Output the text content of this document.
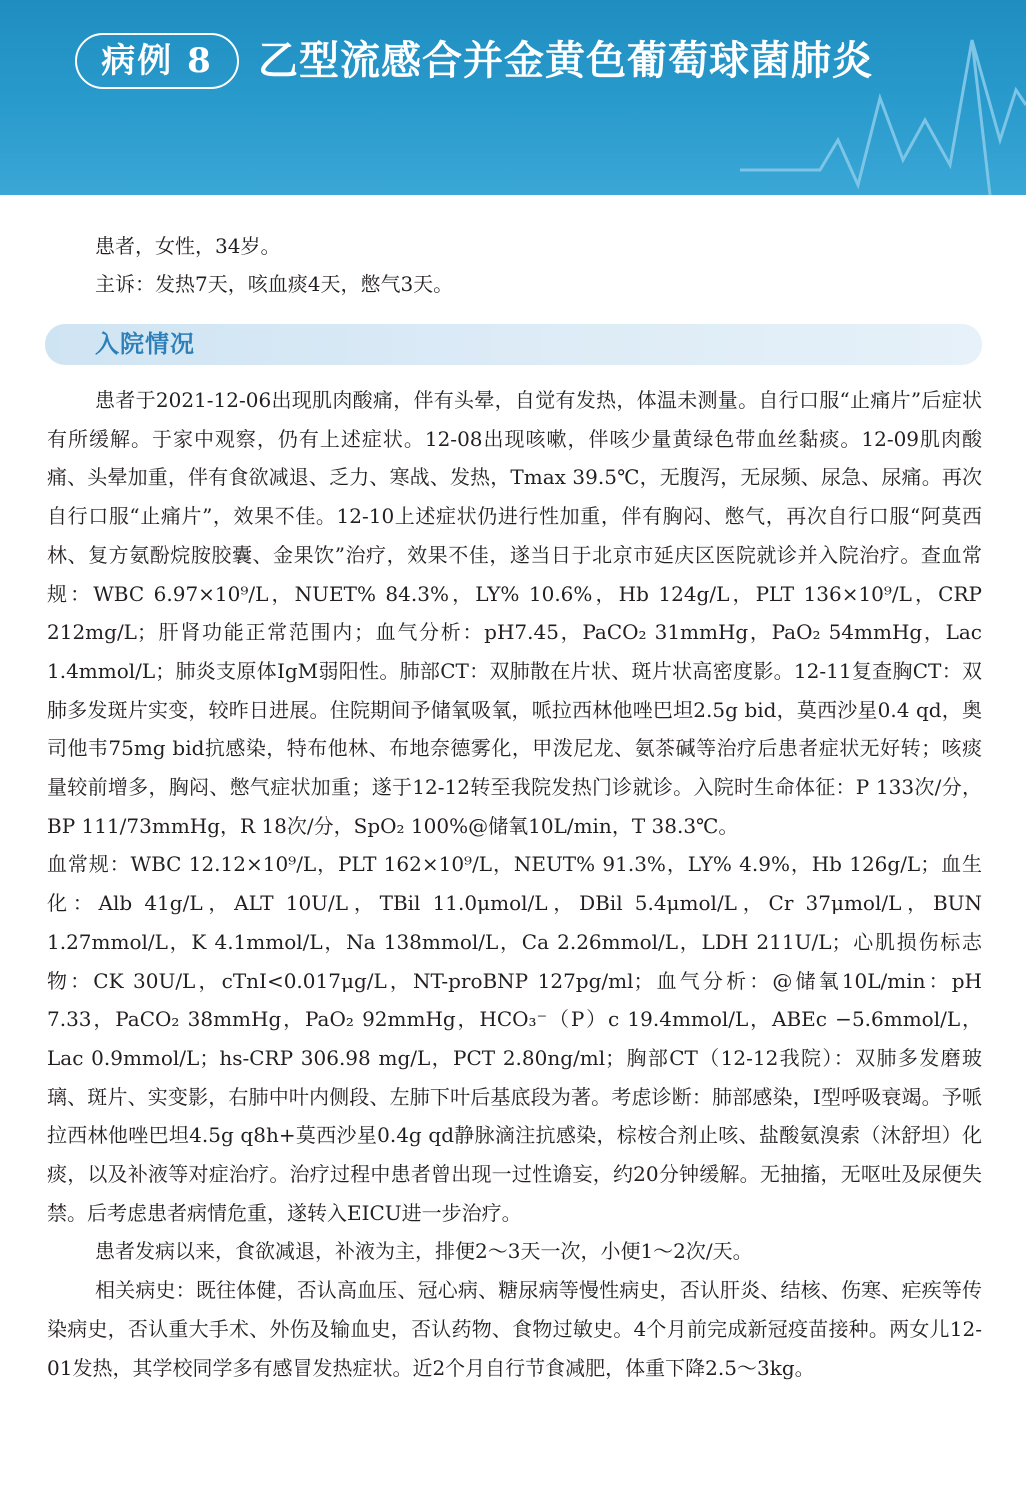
病例 8	乙型流感合并金黄色葡萄球菌肺炎
患者，女性，34岁。
主诉：发热7天，咳血痰4天，憋气3天。
入院情况

患者于2021-12-06出现肌肉酸痛，伴有头晕，自觉有发热，体温未测量。自行口服“止痛片”后症状有所缓解。于家中观察，仍有上述症状。12-08出现咳嗽，伴咳少量黄绿色带血丝黏痰。12-09肌肉酸痛、头晕加重，伴有食欲减退、乏力、寒战、发热，Tmax 39.5℃，无腹泻，无尿频、尿急、尿痛。再次自行口服“止痛片”，效果不佳。12-10上述症状仍进行性加重，伴有胸闷、憋气，再次自行口服“阿莫西林、复方氨酚烷胺胶囊、金果饮”治疗，效果不佳，遂当日于北京市延庆区医院就诊并入院治疗。查血常规：WBC 6.97×10⁹/L，NUET% 84.3%，LY% 10.6%，Hb 124g/L，PLT 136×10⁹/L，CRP 212mg/L；肝肾功能正常范围内；血气分析：pH7.45，PaCO₂ 31mmHg，PaO₂ 54mmHg，Lac 1.4mmol/L；肺炎支原体IgM弱阳性。肺部CT：双肺散在片状、斑片状高密度影。12-11复查胸CT：双肺多发斑片实变，较昨日进展。住院期间予储氧吸氧，哌拉西林他唑巴坦2.5g bid，莫西沙星0.4 qd，奥司他韦75mg bid抗感染，特布他林、布地奈德雾化，甲泼尼龙、氨茶碱等治疗后患者症状无好转；咳痰量较前增多，胸闷、憋气症状加重；遂于12-12转至我院发热门诊就诊。入院时生命体征：P 133次/分，BP 111/73mmHg，R 18次/分，SpO₂ 100%@储氧10L/min，T 38.3℃。

血常规：WBC 12.12×10⁹/L，PLT 162×10⁹/L，NEUT% 91.3%，LY% 4.9%，Hb 126g/L；血生化：Alb 41g/L，ALT 10U/L，TBil 11.0μmol/L，DBil 5.4μmol/L，Cr 37μmol/L，BUN 1.27mmol/L，K 4.1mmol/L，Na 138mmol/L，Ca 2.26mmol/L，LDH 211U/L；心肌损伤标志物：CK 30U/L，cTnI<0.017μg/L，NT-proBNP 127pg/ml；血气分析：@储氧10L/min：pH 7.33，PaCO₂ 38mmHg，PaO₂ 92mmHg，HCO₃⁻（P）c 19.4mmol/L，ABEc −5.6mmol/L，Lac 0.9mmol/L；hs-CRP 306.98 mg/L，PCT 2.80ng/ml；胸部CT（12-12我院）：双肺多发磨玻璃、斑片、实变影，右肺中叶内侧段、左肺下叶后基底段为著。考虑诊断：肺部感染，Ⅰ型呼吸衰竭。予哌拉西林他唑巴坦4.5g q8h+莫西沙星0.4g qd静脉滴注抗感染，棕桉合剂止咳、盐酸氨溴索（沐舒坦）化痰，以及补液等对症治疗。治疗过程中患者曾出现一过性谵妄，约20分钟缓解。无抽搐，无呕吐及尿便失禁。后考虑患者病情危重，遂转入EICU进一步治疗。

患者发病以来，食欲减退，补液为主，排便2～3天一次，小便1～2次/天。

相关病史：既往体健，否认高血压、冠心病、糖尿病等慢性病史，否认肝炎、结核、伤寒、疟疾等传染病史，否认重大手术、外伤及输血史，否认药物、食物过敏史。4个月前完成新冠疫苗接种。两女儿12-01发热，其学校同学多有感冒发热症状。近2个月自行节食减肥，体重下降2.5～3kg。
